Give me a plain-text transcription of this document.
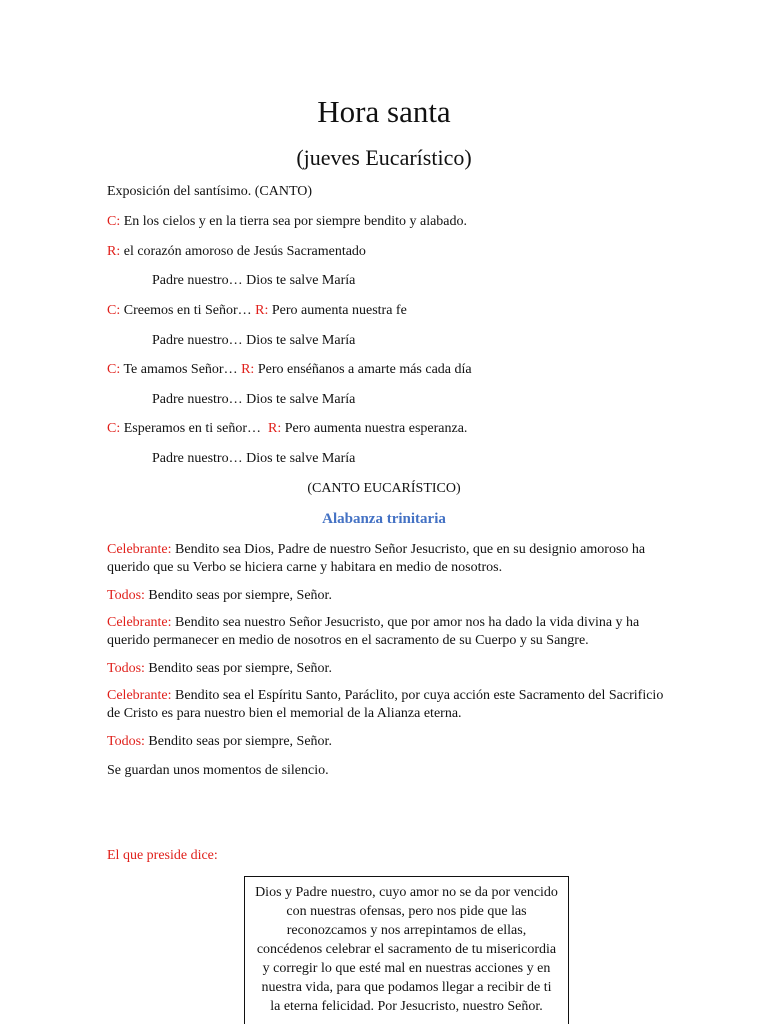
Hora santa
(jueves Eucarístico)
Exposición del santísimo. (CANTO)
C: En los cielos y en la tierra sea por siempre bendito y alabado.
R: el corazón amoroso de Jesús Sacramentado
Padre nuestro… Dios te salve María
C: Creemos en ti Señor… R: Pero aumenta nuestra fe
Padre nuestro… Dios te salve María
C: Te amamos Señor… R: Pero enséñanos a amarte más cada día
Padre nuestro… Dios te salve María
C: Esperamos en ti señor… R: Pero aumenta nuestra esperanza.
Padre nuestro… Dios te salve María
(CANTO EUCARÍSTICO)
Alabanza trinitaria
Celebrante: Bendito sea Dios, Padre de nuestro Señor Jesucristo, que en su designio amoroso ha querido que su Verbo se hiciera carne y habitara en medio de nosotros.
Todos: Bendito seas por siempre, Señor.
Celebrante: Bendito sea nuestro Señor Jesucristo, que por amor nos ha dado la vida divina y ha querido permanecer en medio de nosotros en el sacramento de su Cuerpo y su Sangre.
Todos: Bendito seas por siempre, Señor.
Celebrante: Bendito sea el Espíritu Santo, Paráclito, por cuya acción este Sacramento del Sacrificio de Cristo es para nuestro bien el memorial de la Alianza eterna.
Todos: Bendito seas por siempre, Señor.
Se guardan unos momentos de silencio.
El que preside dice:
Dios y Padre nuestro, cuyo amor no se da por vencido con nuestras ofensas, pero nos pide que las reconozcamos y nos arrepintamos de ellas, concédenos celebrar el sacramento de tu misericordia y corregir lo que esté mal en nuestras acciones y en nuestra vida, para que podamos llegar a recibir de ti la eterna felicidad. Por Jesucristo, nuestro Señor.
